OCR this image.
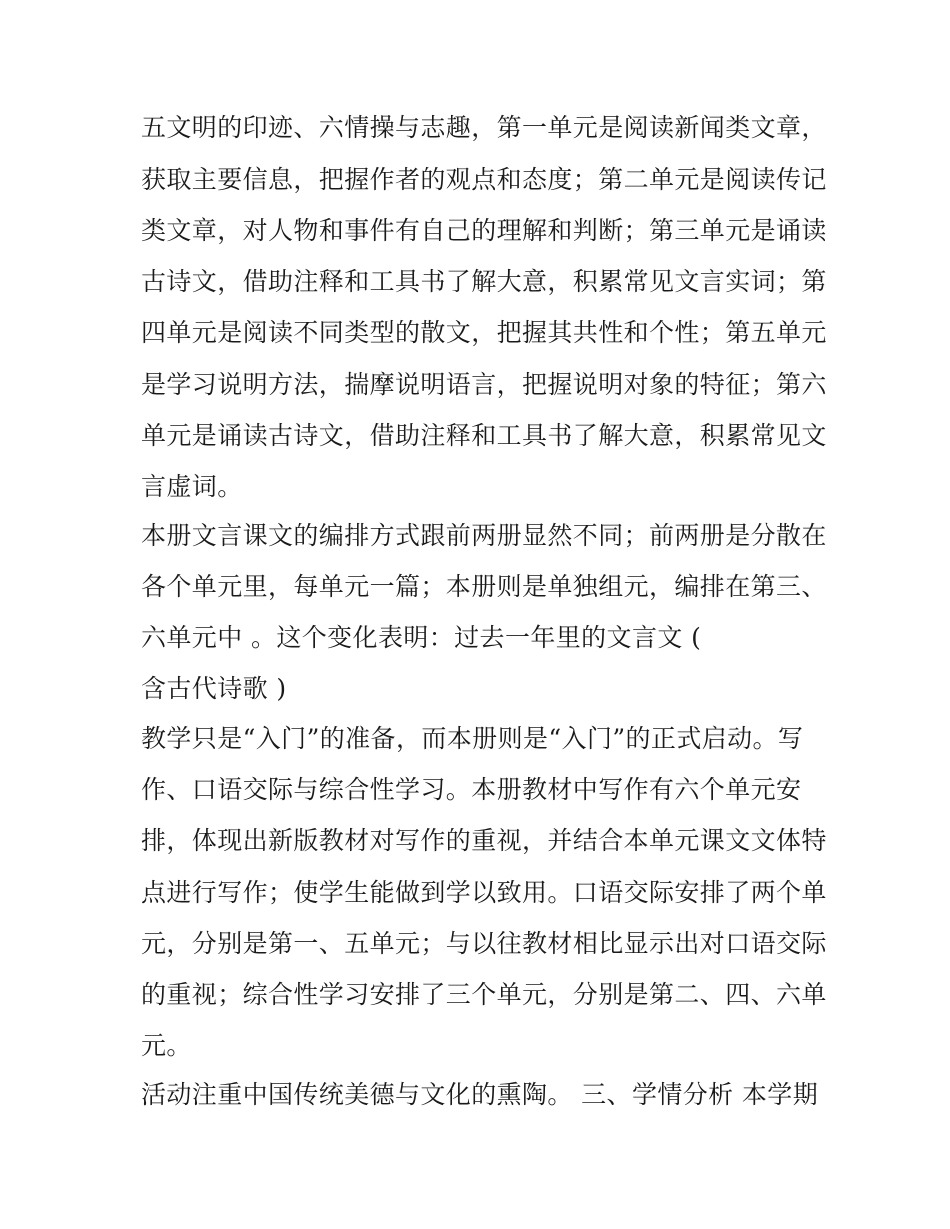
五文明的印迹、六情操与志趣，第一单元是阅读新闻类文章，
获取主要信息，把握作者的观点和态度；第二单元是阅读传记
类文章，对人物和事件有自己的理解和判断；第三单元是诵读
古诗文，借助注释和工具书了解大意，积累常见文言实词；第
四单元是阅读不同类型的散文，把握其共性和个性；第五单元
是学习说明方法，揣摩说明语言，把握说明对象的特征；第六
单元是诵读古诗文，借助注释和工具书了解大意，积累常见文
言虚词。
本册文言课文的编排方式跟前两册显然不同；前两册是分散在
各个单元里，每单元一篇；本册则是单独组元，编排在第三、
六单元中 。这个变化表明：过去一年里的文言文 (
含古代诗歌 )
教学只是“入门”的准备，而本册则是“入门”的正式启动。写
作、口语交际与综合性学习。本册教材中写作有六个单元安
排，体现出新版教材对写作的重视，并结合本单元课文文体特
点进行写作；使学生能做到学以致用。口语交际安排了两个单
元，分别是第一、五单元；与以往教材相比显示出对口语交际
的重视；综合性学习安排了三个单元，分别是第二、四、六单
元。
活动注重中国传统美德与文化的熏陶。 三、学情分析 本学期
